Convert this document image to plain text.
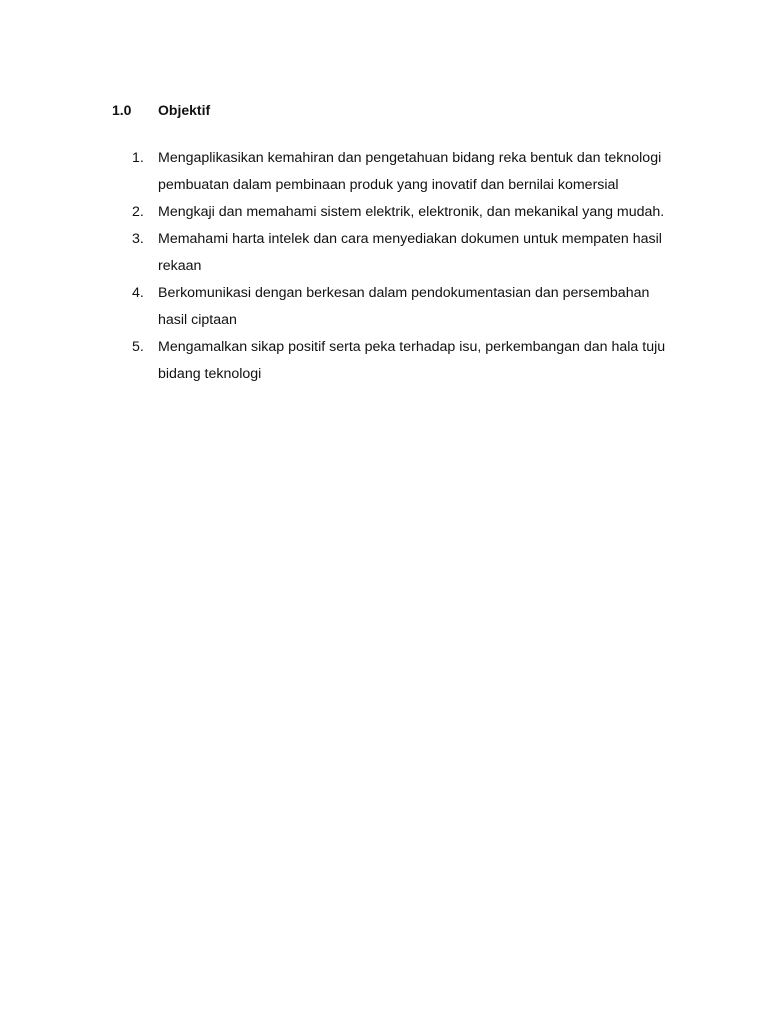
1.0	Objektif
1. Mengaplikasikan kemahiran dan pengetahuan bidang reka bentuk dan teknologi pembuatan dalam pembinaan produk yang inovatif dan bernilai komersial
2. Mengkaji dan memahami sistem elektrik, elektronik, dan mekanikal yang mudah.
3. Memahami harta intelek dan cara menyediakan dokumen untuk mempaten hasil rekaan
4. Berkomunikasi dengan berkesan dalam pendokumentasian dan persembahan hasil ciptaan
5. Mengamalkan sikap positif serta peka terhadap isu, perkembangan dan hala tuju bidang teknologi
